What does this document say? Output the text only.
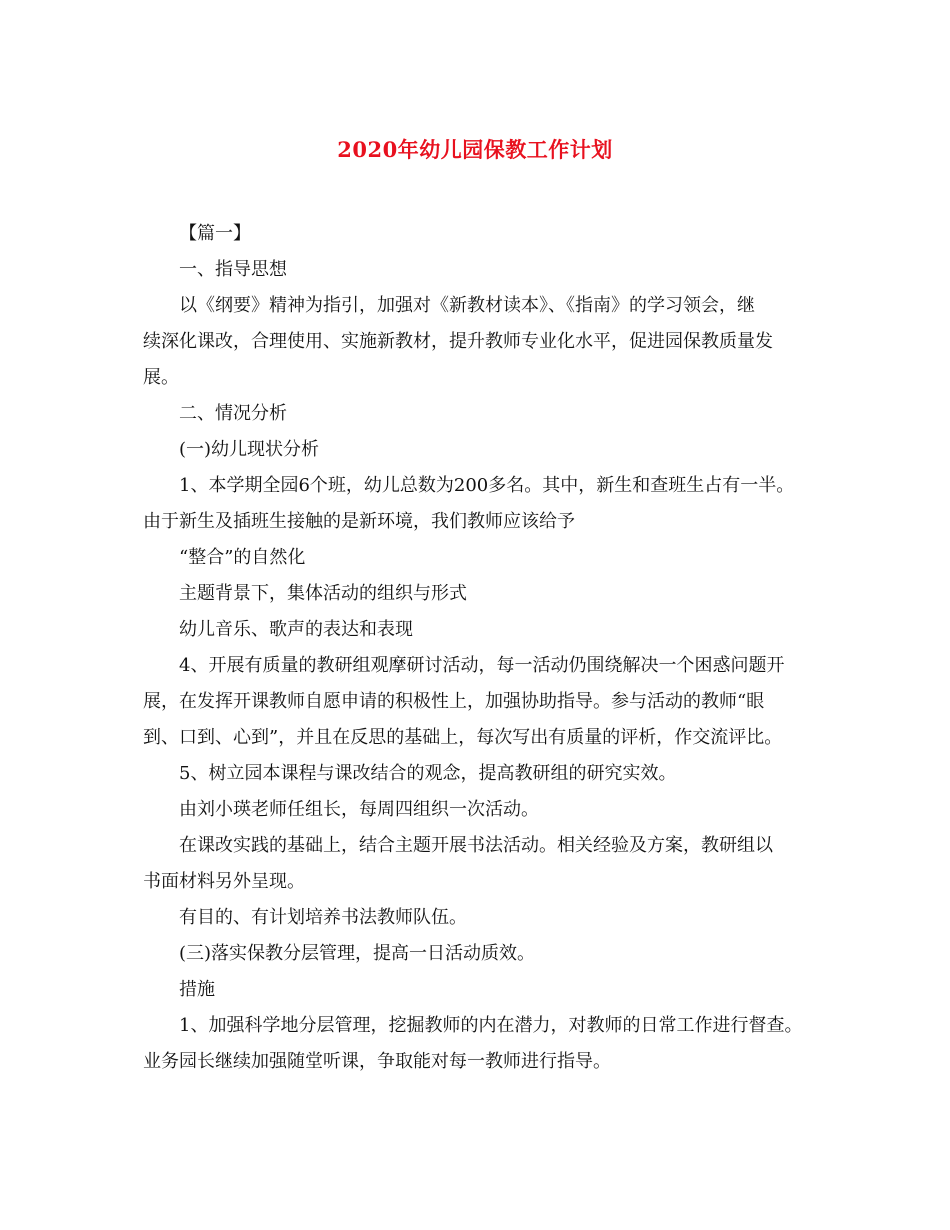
2020年幼儿园保教工作计划

【篇一】

一、指导思想

以《纲要》精神为指引，加强对《新教材读本》、《指南》的学习领会，继
续深化课改，合理使用、实施新教材，提升教师专业化水平，促进园保教质量发
展。

二、情况分析

(一)幼儿现状分析

1、本学期全园6个班，幼儿总数为200多名。其中，新生和查班生占有一半。
由于新生及插班生接触的是新环境，我们教师应该给予

“整合”的自然化

主题背景下，集体活动的组织与形式

幼儿音乐、歌声的表达和表现

4、开展有质量的教研组观摩研讨活动，每一活动仍围绕解决一个困惑问题开
展，在发挥开课教师自愿申请的积极性上，加强协助指导。参与活动的教师“眼
到、口到、心到”，并且在反思的基础上，每次写出有质量的评析，作交流评比。

5、树立园本课程与课改结合的观念，提高教研组的研究实效。

由刘小瑛老师任组长，每周四组织一次活动。

在课改实践的基础上，结合主题开展书法活动。相关经验及方案，教研组以
书面材料另外呈现。

有目的、有计划培养书法教师队伍。

(三)落实保教分层管理，提高一日活动质效。

措施

1、加强科学地分层管理，挖掘教师的内在潜力，对教师的日常工作进行督查。
业务园长继续加强随堂听课，争取能对每一教师进行指导。
